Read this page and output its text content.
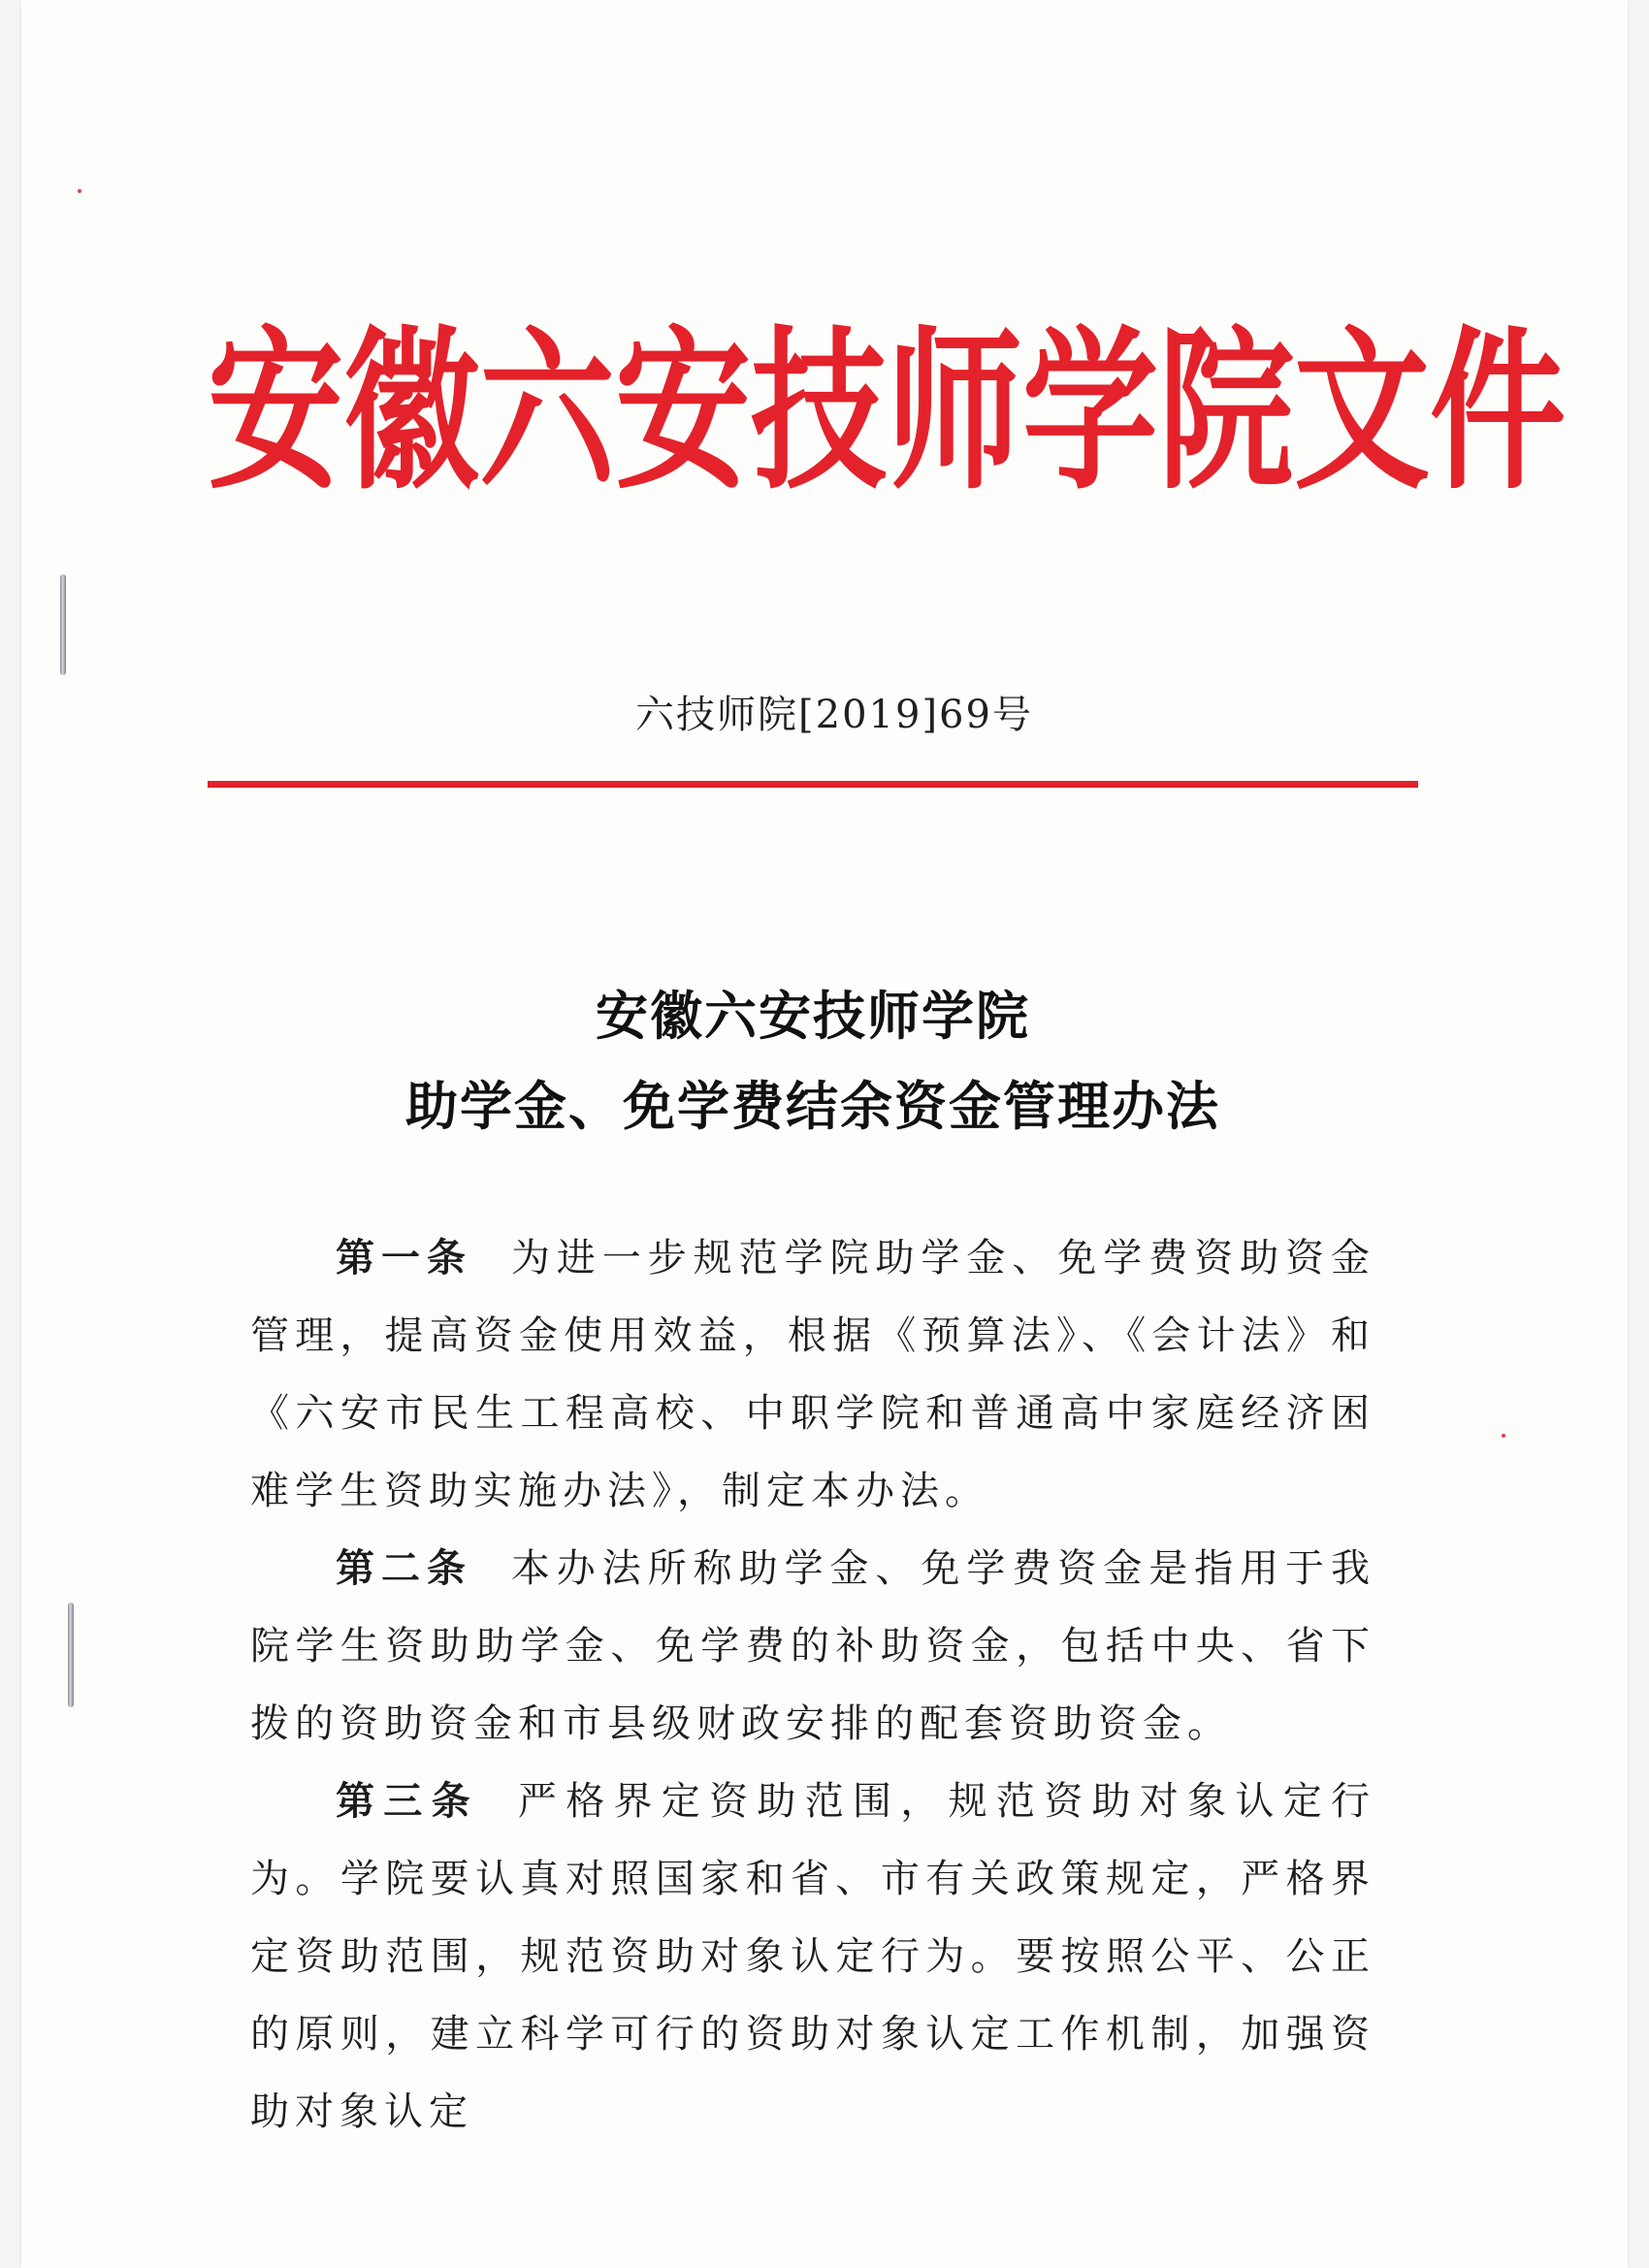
安徽六安技师学院文件
六技师院[2019]69号
安徽六安技师学院
助学金、免学费结余资金管理办法

第一条 为进一步规范学院助学金、免学费资助资金管理，提高资金使用效益，根据《预算法》、《会计法》和《六安市民生工程高校、中职学院和普通高中家庭经济困难学生资助实施办法》，制定本办法。

第二条 本办法所称助学金、免学费资金是指用于我院学生资助助学金、免学费的补助资金，包括中央、省下拨的资助资金和市县级财政安排的配套资助资金。

第三条 严格界定资助范围，规范资助对象认定行为。学院要认真对照国家和省、市有关政策规定，严格界定资助范围，规范资助对象认定行为。要按照公平、公正的原则，建立科学可行的资助对象认定工作机制，加强资助对象认定
